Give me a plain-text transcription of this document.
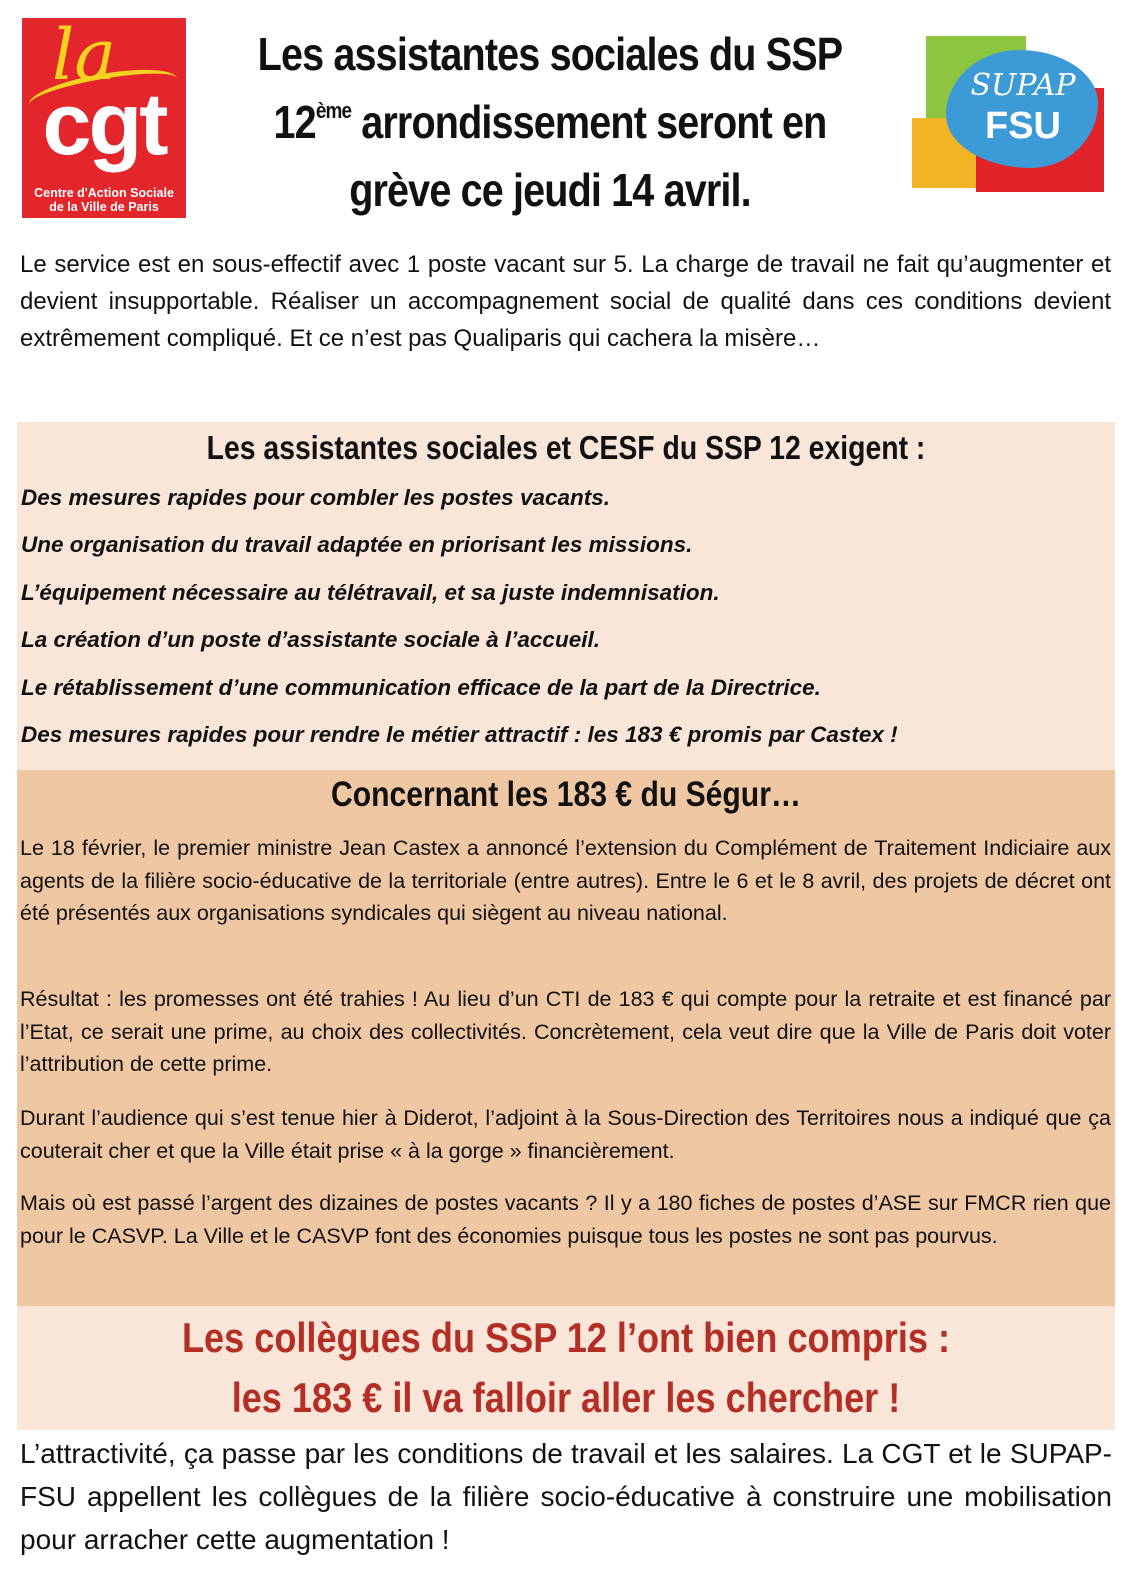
la
cgt
Centre d'Action Sociale
de la Ville de Paris
Les assistantes sociales du SSP
12ème arrondissement seront en
grève ce jeudi 14 avril.
SUPAP
FSU
Le service est en sous-effectif avec 1 poste vacant sur 5. La charge de travail ne fait qu’augmenter et devient insupportable. Réaliser un accompagnement social de qualité dans ces conditions devient extrêmement compliqué. Et ce n’est pas Qualiparis qui cachera la misère…
Les assistantes sociales et CESF du SSP 12 exigent :
Des mesures rapides pour combler les postes vacants.
Une organisation du travail adaptée en priorisant les missions.
L’équipement nécessaire au télétravail, et sa juste indemnisation.
La création d’un poste d’assistante sociale à l’accueil.
Le rétablissement d’une communication efficace de la part de la Directrice.
Des mesures rapides pour rendre le métier attractif : les 183 € promis par Castex !
Concernant les 183 € du Ségur…
Le 18 février, le premier ministre Jean Castex a annoncé l’extension du Complément de Traitement Indiciaire aux agents de la filière socio-éducative de la territoriale (entre autres). Entre le 6 et le 8 avril, des projets de décret ont été présentés aux organisations syndicales qui siègent au niveau national.
Résultat : les promesses ont été trahies ! Au lieu d’un CTI de 183 € qui compte pour la retraite et est financé par l’Etat, ce serait une prime, au choix des collectivités. Concrètement, cela veut dire que la Ville de Paris doit voter l’attribution de cette prime.
Durant l’audience qui s’est tenue hier à Diderot, l’adjoint à la Sous-Direction des Territoires nous a indiqué que ça couterait cher et que la Ville était prise « à la gorge » financièrement.
Mais où est passé l’argent des dizaines de postes vacants ? Il y a 180 fiches de postes d’ASE sur FMCR rien que pour le CASVP. La Ville et le CASVP font des économies puisque tous les postes ne sont pas pourvus.
Les collègues du SSP 12 l’ont bien compris :
les 183 € il va falloir aller les chercher !
L’attractivité, ça passe par les conditions de travail et les salaires. La CGT et le SUPAP-FSU appellent les collègues de la filière socio-éducative à construire une mobilisation pour arracher cette augmentation !
